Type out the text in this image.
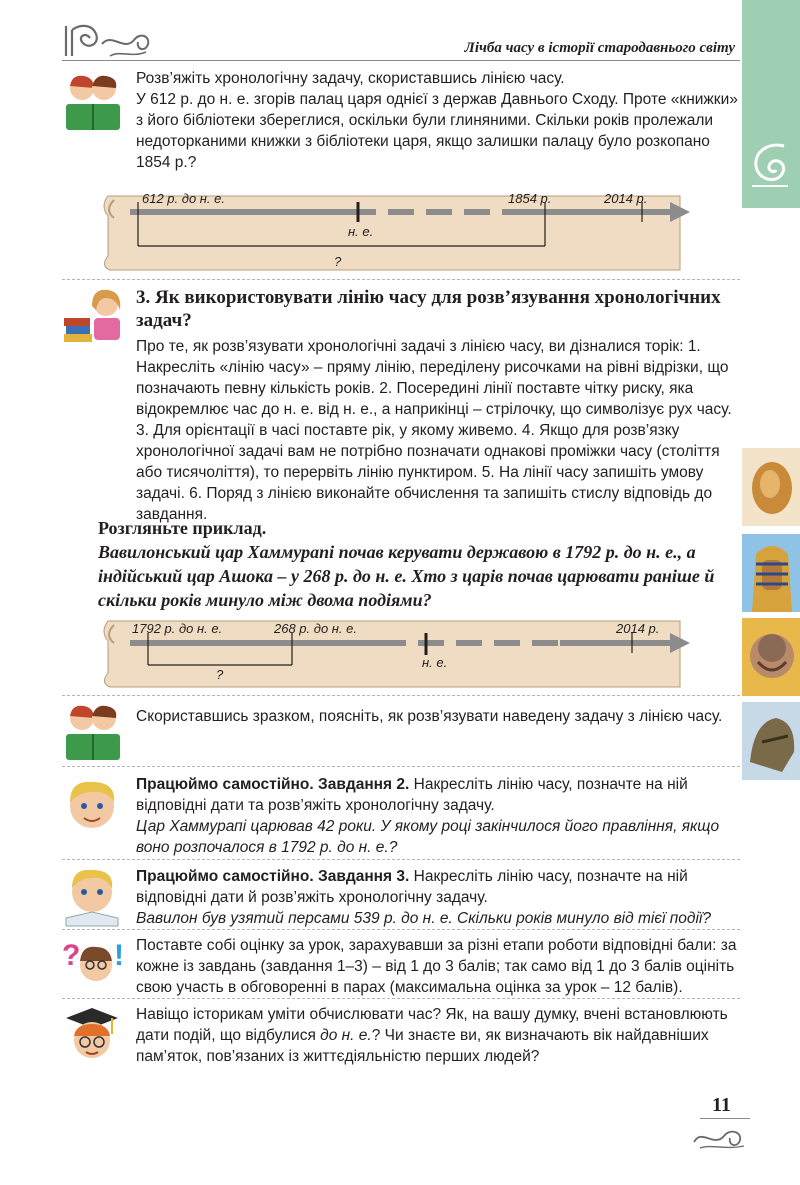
Лічба часу в історії стародавнього світу

Розв’яжіть хронологічну задачу, скориставшись лінією часу.

У 612 р. до н. е. згорів палац царя однієї з держав Давнього Сходу. Проте «книжки» з його бібліотеки збереглися, оскільки були глиняними. Скільки років пролежали недоторканими книжки з бібліотеки царя, якщо залишки палацу було розкопано 1854 р.?

612 р. до н. е.
н. е.
1854 р.	2014 р.
?

3. Як використовувати лінію часу для розв’язування хронологічних задач?

Про те, як розв’язувати хронологічні задачі з лінією часу, ви дізналися торік: 1. Накресліть «лінію часу» – пряму лінію, переділену рисочками на рівні відрізки, що позначають певну кількість років. 2. Посередині лінії поставте чітку риску, яка відокремлює час до н. е. від н. е., а наприкінці – стрілочку, що символізує рух часу. 3. Для орієнтації в часі поставте рік, у якому живемо. 4. Якщо для розв’язку хронологічної задачі вам не потрібно позначати однакові проміжки часу (століття або тисячоліття), то перервіть лінію пунктиром. 5. На лінії часу запишіть умову задачі. 6. Поряд з лінією виконайте обчислення та запишіть стислу відповідь до завдання.

Розгляньте приклад.
Вавилонський цар Хаммурапі почав керувати державою в 1792 р. до н. е., а індійський цар Ашока – у 268 р. до н. е. Хто з царів почав царювати раніше й скільки років минуло між двома подіями?
1792 р. до н. е.	268 р. до н. е.
н. е.
2014 р.
?

Скориставшись зразком, поясніть, як розв’язувати наведену задачу з лінією часу.

Працюймо самостійно. Завдання 2. Накресліть лінію часу, позначте на ній відповідні дати та розв’яжіть хронологічну задачу.

Цар Хаммурапі царював 42 роки. У якому році закінчилося його правління, якщо воно розпочалося в 1792 р. до н. е.?

Працюймо самостійно. Завдання 3. Накресліть лінію часу, позначте на ній відповідні дати й розв’яжіть хронологічну задачу.

Вавилон був узятий персами 539 р. до н. е. Скільки років минуло від тієї події?

? ! Поставте собі оцінку за урок, зарахувавши за різні етапи роботи відповідні бали: за кожне із завдань (завдання 1–3) – від 1 до 3 балів; так само від 1 до 3 балів оцініть свою участь в обговоренні в парах (максимальна оцінка за урок – 12 балів).

Навіщо історикам уміти обчислювати час? Як, на вашу думку, вчені встановлюють дати подій, що відбулися до н. е.? Чи знаєте ви, як визначають вік найдавніших пам’яток, пов’язаних із життєдіяльністю перших людей?

11
